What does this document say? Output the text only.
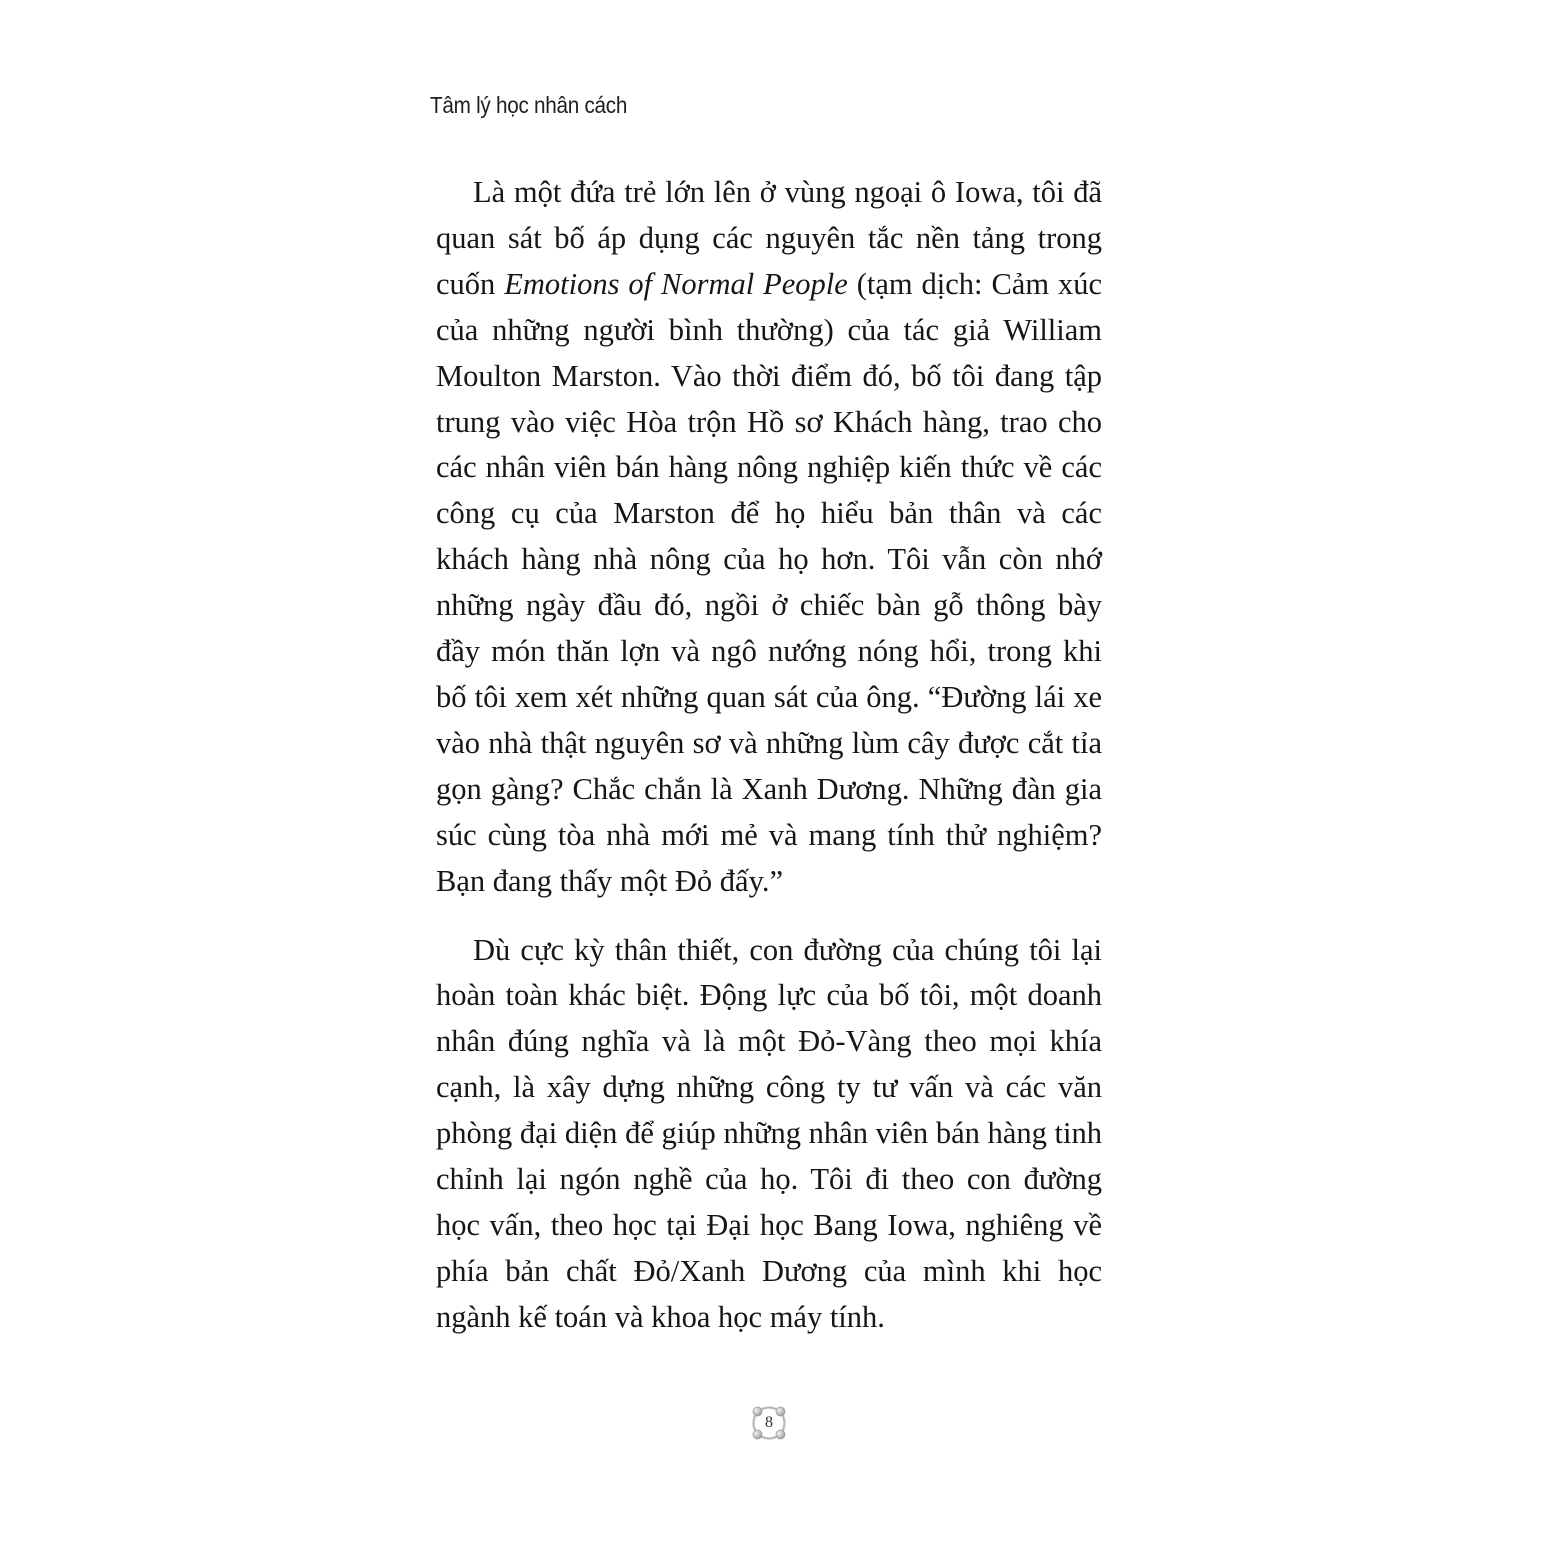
Tâm lý học nhân cách

Là một đứa trẻ lớn lên ở vùng ngoại ô Iowa, tôi đã quan sát bố áp dụng các nguyên tắc nền tảng trong cuốn Emotions of Normal People (tạm dịch: Cảm xúc của những người bình thường) của tác giả William Moulton Marston. Vào thời điểm đó, bố tôi đang tập trung vào việc Hòa trộn Hồ sơ Khách hàng, trao cho các nhân viên bán hàng nông nghiệp kiến thức về các công cụ của Marston để họ hiểu bản thân và các khách hàng nhà nông của họ hơn. Tôi vẫn còn nhớ những ngày đầu đó, ngồi ở chiếc bàn gỗ thông bày đầy món thăn lợn và ngô nướng nóng hổi, trong khi bố tôi xem xét những quan sát của ông. “Đường lái xe vào nhà thật nguyên sơ và những lùm cây được cắt tỉa gọn gàng? Chắc chắn là Xanh Dương. Những đàn gia súc cùng tòa nhà mới mẻ và mang tính thử nghiệm? Bạn đang thấy một Đỏ đấy.”

Dù cực kỳ thân thiết, con đường của chúng tôi lại hoàn toàn khác biệt. Động lực của bố tôi, một doanh nhân đúng nghĩa và là một Đỏ-Vàng theo mọi khía cạnh, là xây dựng những công ty tư vấn và các văn phòng đại diện để giúp những nhân viên bán hàng tinh chỉnh lại ngón nghề của họ. Tôi đi theo con đường học vấn, theo học tại Đại học Bang Iowa, nghiêng về phía bản chất Đỏ/Xanh Dương của mình khi học ngành kế toán và khoa học máy tính.

8
